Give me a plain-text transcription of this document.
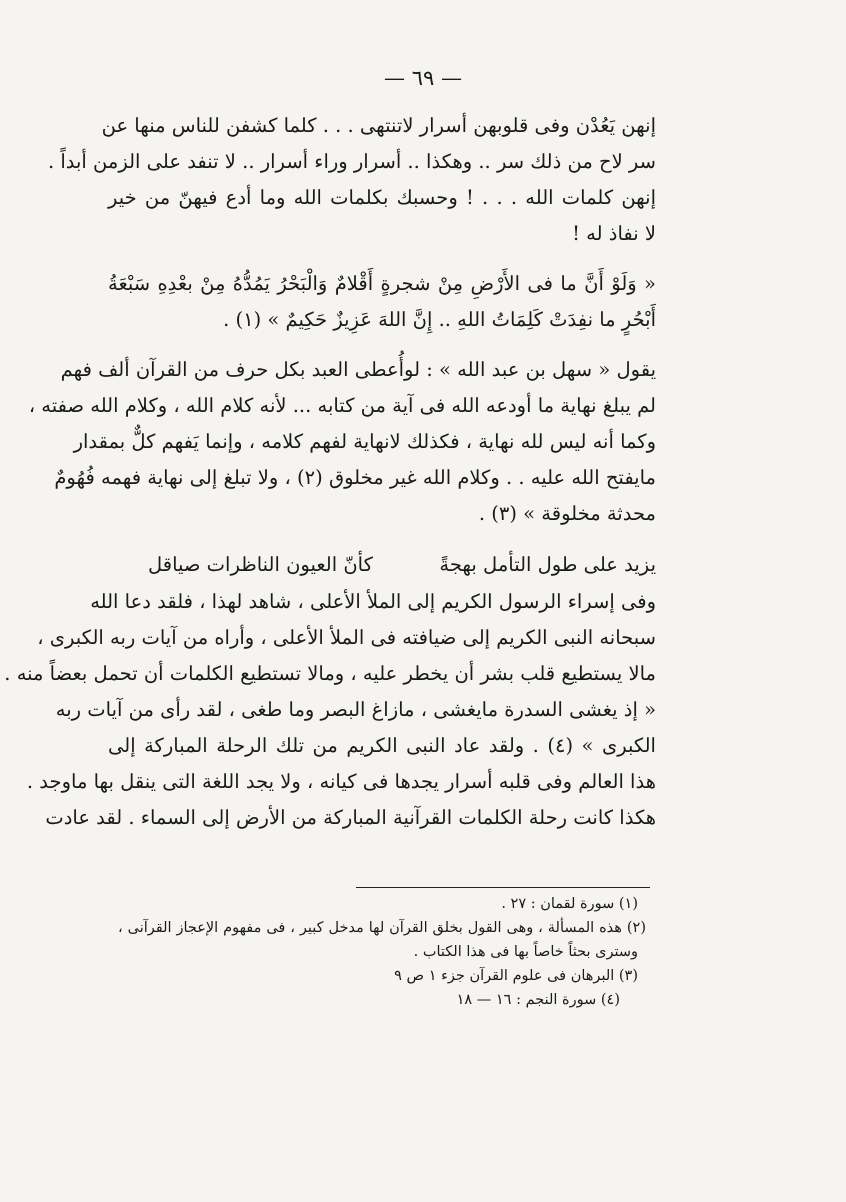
— ٦٩ —
إنهن يَعُدْن وفى قلوبهن أسرار لاتنتهى . . . كلما كشفن للناس منها عن
سر لاح من ذلك سر .. وهكذا .. أسرار وراء أسرار .. لا تنفد على الزمن أبداً .
إنهن كلمات الله . . . ! وحسبك بكلمات الله وما أدع فيهنّ من خير
لا نفاذ له !
« وَلَوْ أَنَّ ما فى الأَرْضِ مِنْ شجرةٍ أَقْلامٌ وَالْبَحْرُ يَمُدُّهُ مِنْ بعْدِهِ سَبْعَةُ
أَبْحُرٍ ما نفِدَتْ كَلِمَاتُ اللهِ .. إِنَّ اللهَ عَزِيزٌ حَكِيمٌ » (١) .
يقول « سهل بن عبد الله » : لوأُعطى العبد بكل حرف من القرآن ألف فهم
لم يبلغ نهاية ما أودعه الله فى آية من كتابه ... لأنه كلام الله ، وكلام الله صفته ،
وكما أنه ليس لله نهاية ، فكذلك لانهاية لفهم كلامه ، وإنما يَفهم كلٌّ بمقدار
مايفتح الله عليه . . وكلام الله غير مخلوق (٢) ، ولا تبلغ إلى نهاية فهمه فُهُومٌ
محدثة مخلوقة » (٣) .
يزيد على طول التأمل بهجةً
كأنّ العيون الناظرات صياقل
وفى إسراء الرسول الكريم إلى الملأ الأعلى ، شاهد لهذا ، فلقد دعا الله
سبحانه النبى الكريم إلى ضيافته فى الملأ الأعلى ، وأراه من آيات ربه الكبرى ،
مالا يستطيع قلب بشر أن يخطر عليه ، ومالا تستطيع الكلمات أن تحمل بعضاً منه .
« إذ يغشى السدرة مايغشى ، مازاغ البصر وما طغى ، لقد رأى من آيات ربه
الكبرى » (٤) . ولقد عاد النبى الكريم من تلك الرحلة المباركة إلى
هذا العالم وفى قلبه أسرار يجدها فى كيانه ، ولا يجد اللغة التى ينقل بها ماوجد .
هكذا كانت رحلة الكلمات القرآنية المباركة من الأرض إلى السماء . لقد عادت
(١) سورة لقمان : ٢٧ .
(٢) هذه المسألة ، وهى القول بخلق القرآن لها مدخل كبير ، فى مفهوم الإعجاز القرآنى ،
وسترى بحثاً خاصاً بها فى هذا الكتاب .
(٣) البرهان فى علوم القرآن جزء ١ ص ٩
(٤) سورة النجم : ١٦ — ١٨
